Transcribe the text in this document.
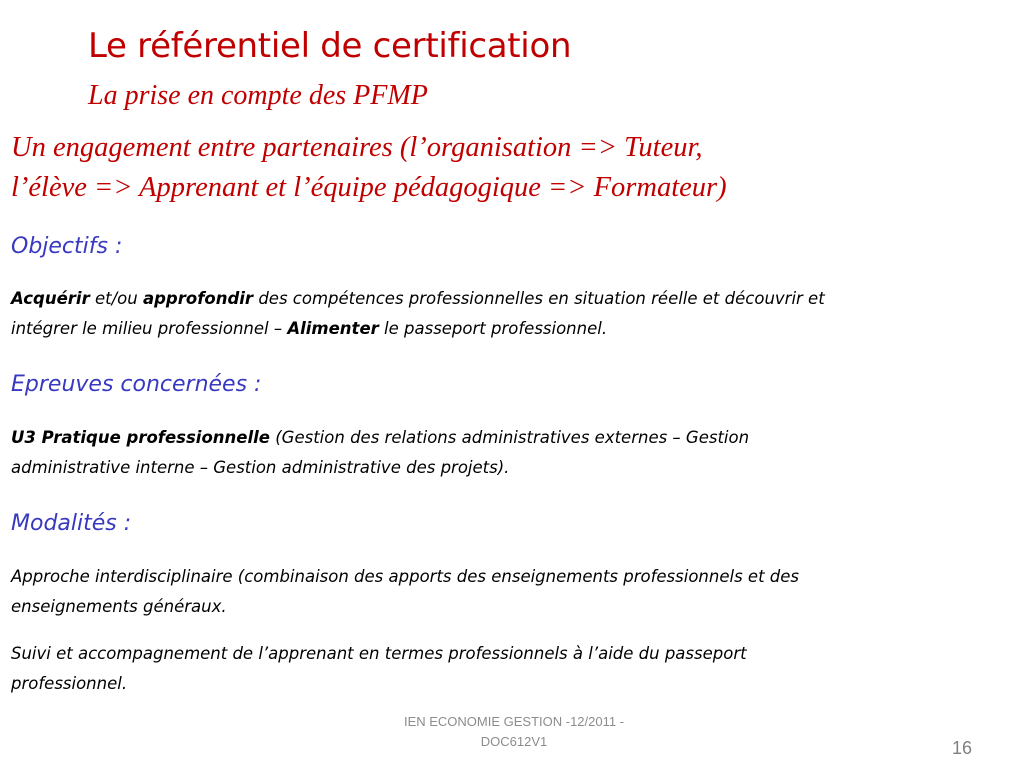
Le référentiel de certification
La prise en compte des PFMP
Un engagement entre partenaires (l’organisation => Tuteur,
l’élève => Apprenant et l’équipe pédagogique => Formateur)
Objectifs :
Acquérir et/ou approfondir des compétences professionnelles en situation réelle et découvrir et
intégrer le milieu professionnel – Alimenter le passeport professionnel.
Epreuves concernées :
U3 Pratique professionnelle (Gestion des relations administratives externes – Gestion
administrative interne – Gestion administrative des projets).
Modalités :
Approche interdisciplinaire (combinaison des apports des enseignements professionnels et des
enseignements généraux.
Suivi et accompagnement de l’apprenant en termes professionnels à l’aide du passeport
professionnel.
IEN ECONOMIE GESTION -12/2011 -
DOC612V1	16
